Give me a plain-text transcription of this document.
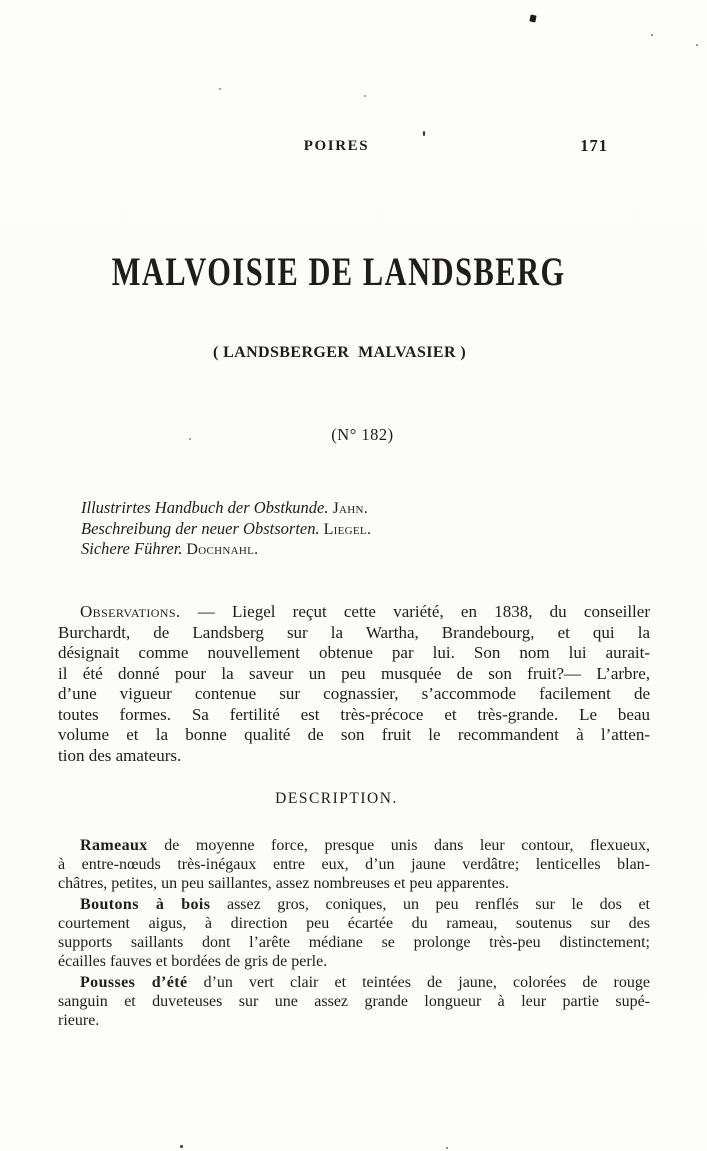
POIRES	171
MALVOISIE DE LANDSBERG
( LANDSBERGER  MALVASIER )
(N° 182)
Illustrirtes Handbuch der Obstkunde. Jahn.
Beschreibung der neuer Obstsorten. Liegel.
Sichere Führer. Dochnahl.
Observations. — Liegel reçut cette variété, en 1838, du conseiller
Burchardt, de Landsberg sur la Wartha, Brandebourg, et qui la
désignait comme nouvellement obtenue par lui. Son nom lui aurait-
il été donné pour la saveur un peu musquée de son fruit?— L’arbre,
d’une vigueur contenue sur cognassier, s’accommode facilement de
toutes formes. Sa fertilité est très-précoce et très-grande. Le beau
volume et la bonne qualité de son fruit le recommandent à l’atten-
tion des amateurs.
DESCRIPTION.
Rameaux de moyenne force, presque unis dans leur contour, flexueux,
à entre-nœuds très-inégaux entre eux, d’un jaune verdâtre; lenticelles blan-
châtres, petites, un peu saillantes, assez nombreuses et peu apparentes.
Boutons à bois assez gros, coniques, un peu renflés sur le dos et
courtement aigus, à direction peu écartée du rameau, soutenus sur des
supports saillants dont l’arête médiane se prolonge très-peu distinctement;
écailles fauves et bordées de gris de perle.
Pousses d’été d’un vert clair et teintées de jaune, colorées de rouge
sanguin et duveteuses sur une assez grande longueur à leur partie supé-
rieure.
